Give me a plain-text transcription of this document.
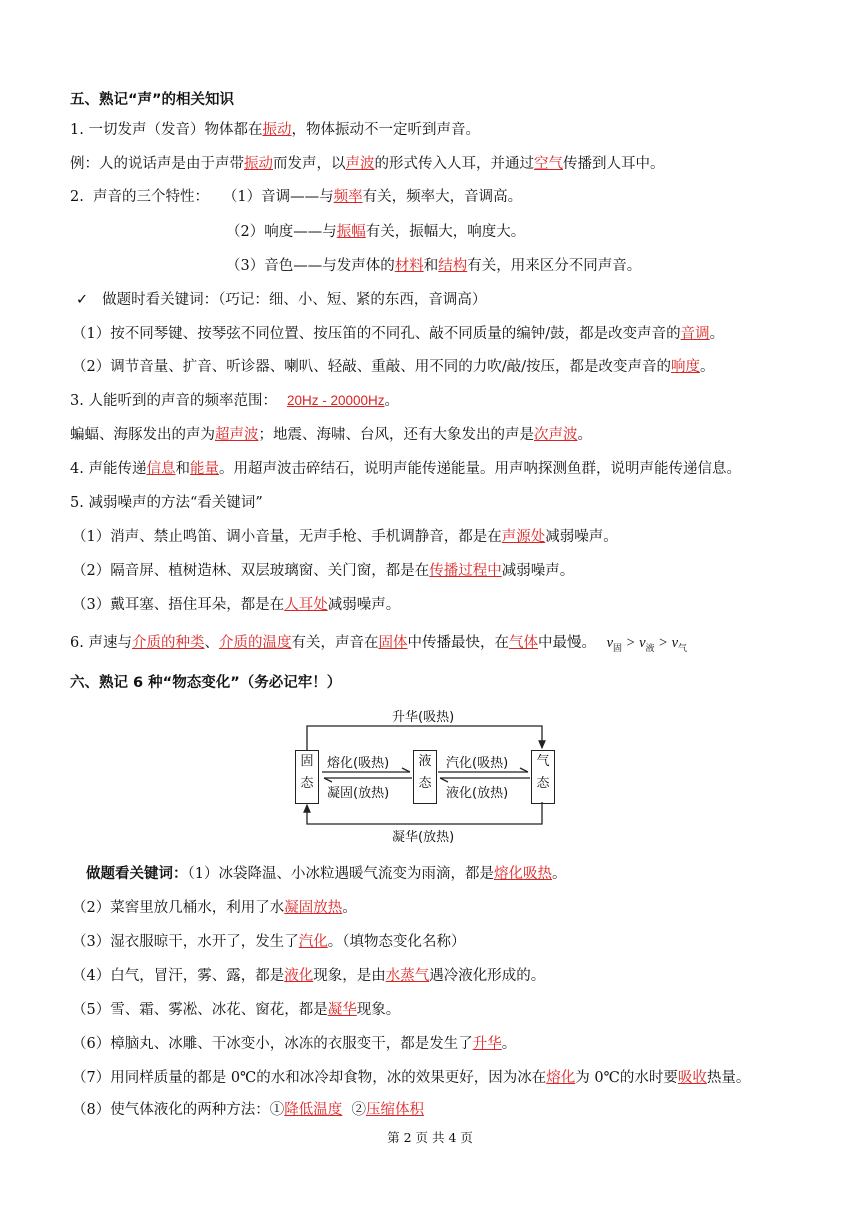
五、熟记“声”的相关知识
1. 一切发声（发音）物体都在振动，物体振动不一定听到声音。
例：人的说话声是由于声带振动而发声，以声波的形式传入人耳，并通过空气传播到人耳中。
2.  声音的三个特性：   （1）音调——与频率有关，频率大，音调高。
（2）响度——与振幅有关，振幅大，响度大。
（3）音色——与发声体的材料和结构有关，用来区分不同声音。
✓ 做题时看关键词：（巧记：细、小、短、紧的东西，音调高）
（1）按不同琴键、按琴弦不同位置、按压笛的不同孔、敲不同质量的编钟/鼓，都是改变声音的音调。
（2）调节音量、扩音、听诊器、喇叭、轻敲、重敲、用不同的力吹/敲/按压，都是改变声音的响度。
3. 人能听到的声音的频率范围： 20Hz - 20000Hz。
蝙蝠、海豚发出的声为超声波；地震、海啸、台风，还有大象发出的声是次声波。
4. 声能传递信息和能量。用超声波击碎结石，说明声能传递能量。用声呐探测鱼群，说明声能传递信息。
5. 减弱噪声的方法“看关键词”
（1）消声、禁止鸣笛、调小音量，无声手枪、手机调静音，都是在声源处减弱噪声。
（2）隔音屏、植树造林、双层玻璃窗、关门窗，都是在传播过程中减弱噪声。
（3）戴耳塞、捂住耳朵，都是在人耳处减弱噪声。
6. 声速与介质的种类、介质的温度有关，声音在固体中传播最快，在气体中最慢。 $v_固 > v_液 > v_气$
六、熟记 6 种“物态变化”（务必记牢！）
升华(吸热)
凝华(放热)
固
态
液
态
气
态
熔化(吸热)
凝固(放热)
汽化(吸热)
液化(放热)
做题看关键词：（1）冰袋降温、小冰粒遇暖气流变为雨滴，都是熔化吸热。
（2）菜窖里放几桶水，利用了水凝固放热。
（3）湿衣服晾干，水开了，发生了汽化。（填物态变化名称）
（4）白气，冒汗，雾、露，都是液化现象，是由水蒸气遇冷液化形成的。
（5）雪、霜、雾凇、冰花、窗花，都是凝华现象。
（6）樟脑丸、冰雕、干冰变小，冰冻的衣服变干，都是发生了升华。
（7）用同样质量的都是 0℃的水和冰冷却食物，冰的效果更好，因为冰在熔化为 0℃的水时要吸收热量。
（8）使气体液化的两种方法：①降低温度  ②压缩体积
第 2 页 共 4 页
